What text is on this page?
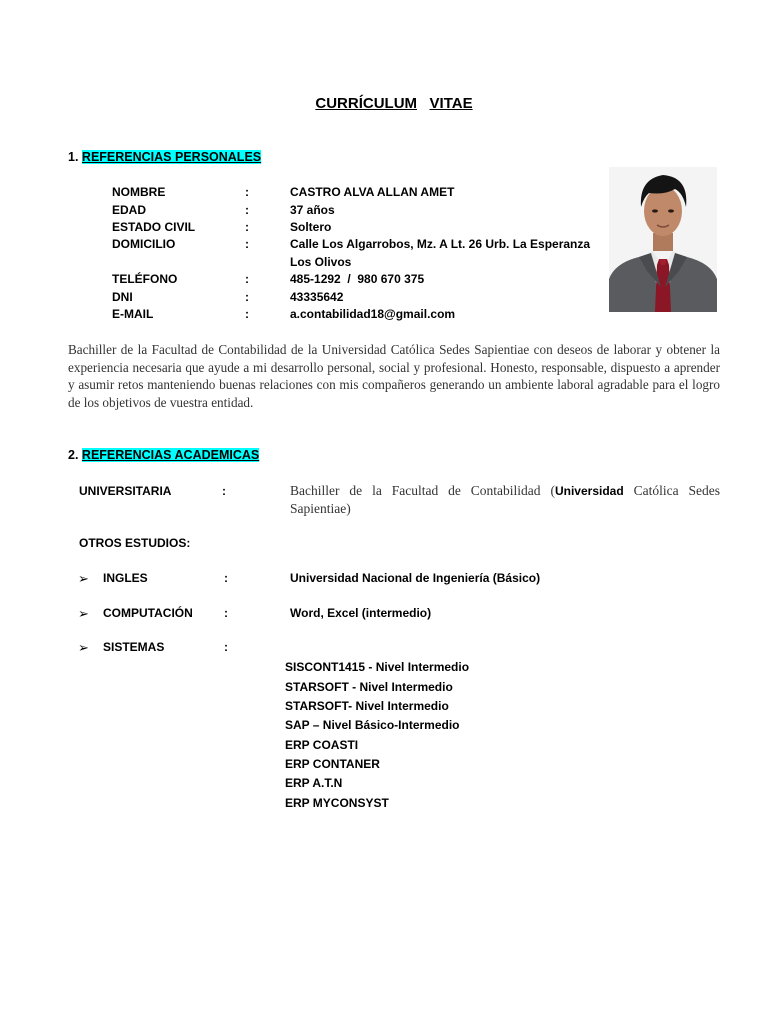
CURRÍCULUM VITAE
1. REFERENCIAS PERSONALES
NOMBRE	:	CASTRO ALVA ALLAN AMET
EDAD	:	37 años
ESTADO CIVIL	:	Soltero
DOMICILIO	:	Calle Los Algarrobos, Mz. A Lt. 26 Urb. La Esperanza
Los Olivos
TELÉFONO	:	485-1292  /  980 670 375
DNI	:	43335642
E-MAIL	:	a.contabilidad18@gmail.com
Bachiller de la Facultad de Contabilidad de la Universidad Católica Sedes Sapientiae con deseos de laborar y obtener la experiencia necesaria que ayude a mi desarrollo personal, social y profesional. Honesto, responsable, dispuesto a aprender y asumir retos manteniendo buenas relaciones con mis compañeros generando un ambiente laboral agradable para el logro de los objetivos de vuestra entidad.
2. REFERENCIAS ACADEMICAS
UNIVERSITARIA	:	Bachiller de la Facultad de Contabilidad (Universidad Católica Sedes Sapientiae)
OTROS ESTUDIOS:
➢ INGLES	:	Universidad Nacional de Ingeniería (Básico)
➢ COMPUTACIÓN	:	Word, Excel (intermedio)
➢ SISTEMAS	:
SISCONT1415 - Nivel Intermedio
STARSOFT - Nivel Intermedio
STARSOFT- Nivel Intermedio
SAP – Nivel Básico-Intermedio
ERP COASTI
ERP CONTANER
ERP A.T.N
ERP MYCONSYST
